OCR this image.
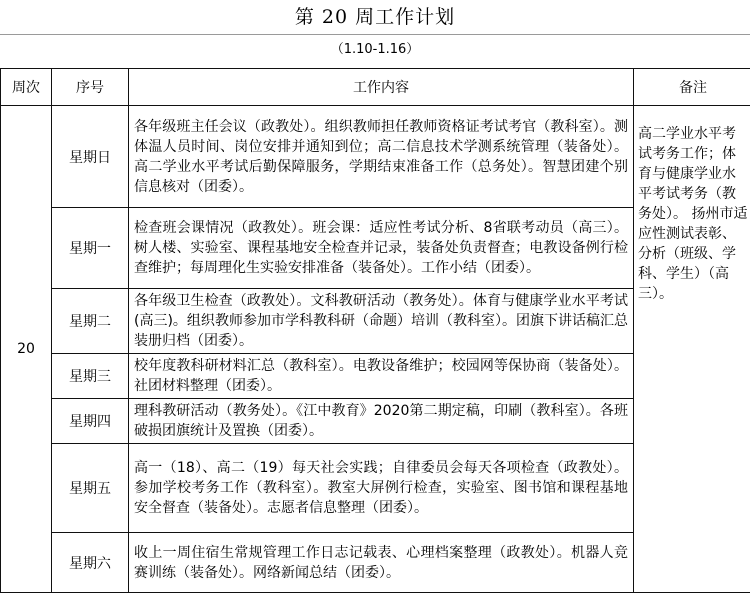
第 20 周工作计划
（1.10-1.16）
周次	序号	工作内容	备注
20	星期日	各年级班主任会议（政教处）。组织教师担任教师资格证考试考官（教科室）。测体温人员时间、岗位安排并通知到位；高二信息技术学测系统管理（装备处）。高二学业水平考试后勤保障服务，学期结束准备工作（总务处）。智慧团建个别信息核对（团委）。	高二学业水平考试考务工作；体育与健康学业水平考试考务（教务处）。 扬州市适应性测试表彰、分析（班级、学科、学生）（高三）。

	星期一	检查班会课情况（政教处）。班会课：适应性考试分析、8省联考动员（高三）。树人楼、实验室、课程基地安全检查并记录，装备处负责督查；电教设备例行检查维护；每周理化生实验安排准备（装备处）。工作小结（团委）。	

	星期二	各年级卫生检查（政教处）。文科教研活动（教务处）。体育与健康学业水平考试(高三)。组织教师参加市学科教科研（命题）培训（教科室）。团旗下讲话稿汇总装册归档（团委）。	

	星期三	校年度教科研材料汇总（教科室）。电教设备维护；校园网等保协商（装备处）。社团材料整理（团委）。	

	星期四	理科教研活动（教务处）。《江中教育》2020第二期定稿，印刷（教科室）。各班破损团旗统计及置换（团委）。	

	星期五	高一（18）、高二（19）每天社会实践；自律委员会每天各项检查（政教处）。参加学校考务工作（教科室）。教室大屏例行检查，实验室、图书馆和课程基地安全督查（装备处）。志愿者信息整理（团委）。	

	星期六	收上一周住宿生常规管理工作日志记载表、心理档案整理（政教处）。机器人竞赛训练（装备处）。网络新闻总结（团委）。	
